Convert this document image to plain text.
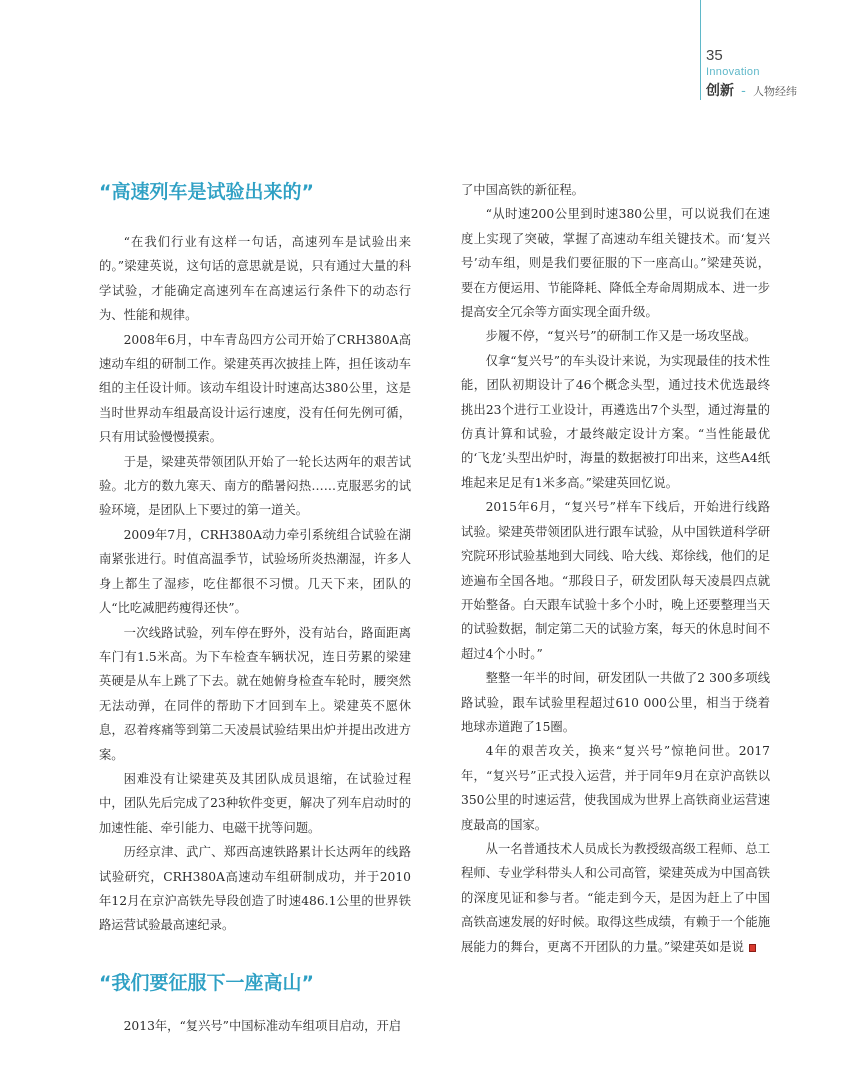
35
Innovation
创新 - 人物经纬
“高速列车是试验出来的”

“在我们行业有这样一句话，高速列车是试验出来的。”梁建英说，这句话的意思就是说，只有通过大量的科学试验，才能确定高速列车在高速运行条件下的动态行为、性能和规律。

2008年6月，中车青岛四方公司开始了CRH380A高速动车组的研制工作。梁建英再次披挂上阵，担任该动车组的主任设计师。该动车组设计时速高达380公里，这是当时世界动车组最高设计运行速度，没有任何先例可循，只有用试验慢慢摸索。

于是，梁建英带领团队开始了一轮长达两年的艰苦试验。北方的数九寒天、南方的酷暑闷热……克服恶劣的试验环境，是团队上下要过的第一道关。

2009年7月，CRH380A动力牵引系统组合试验在湖南紧张进行。时值高温季节，试验场所炎热潮湿，许多人身上都生了湿疹，吃住都很不习惯。几天下来，团队的人“比吃减肥药瘦得还快”。

一次线路试验，列车停在野外，没有站台，路面距离车门有1.5米高。为下车检查车辆状况，连日劳累的梁建英硬是从车上跳了下去。就在她俯身检查车轮时，腰突然无法动弹，在同伴的帮助下才回到车上。梁建英不愿休息，忍着疼痛等到第二天凌晨试验结果出炉并提出改进方案。

困难没有让梁建英及其团队成员退缩，在试验过程中，团队先后完成了23种软件变更，解决了列车启动时的加速性能、牵引能力、电磁干扰等问题。

历经京津、武广、郑西高速铁路累计长达两年的线路试验研究，CRH380A高速动车组研制成功，并于2010年12月在京沪高铁先导段创造了时速486.1公里的世界铁路运营试验最高速纪录。

“我们要征服下一座高山”

2013年，“复兴号”中国标准动车组项目启动，开启

了中国高铁的新征程。

“从时速200公里到时速380公里，可以说我们在速度上实现了突破，掌握了高速动车组关键技术。而‘复兴号’动车组，则是我们要征服的下一座高山。”梁建英说，要在方便运用、节能降耗、降低全寿命周期成本、进一步提高安全冗余等方面实现全面升级。

步履不停，“复兴号”的研制工作又是一场攻坚战。

仅拿“复兴号”的车头设计来说，为实现最佳的技术性能，团队初期设计了46个概念头型，通过技术优选最终挑出23个进行工业设计，再遴选出7个头型，通过海量的仿真计算和试验，才最终敲定设计方案。“当性能最优的‘飞龙’头型出炉时，海量的数据被打印出来，这些A4纸堆起来足足有1米多高。”梁建英回忆说。

2015年6月，“复兴号”样车下线后，开始进行线路试验。梁建英带领团队进行跟车试验，从中国铁道科学研究院环形试验基地到大同线、哈大线、郑徐线，他们的足迹遍布全国各地。“那段日子，研发团队每天凌晨四点就开始整备。白天跟车试验十多个小时，晚上还要整理当天的试验数据，制定第二天的试验方案，每天的休息时间不超过4个小时。”

整整一年半的时间，研发团队一共做了2 300多项线路试验，跟车试验里程超过610 000公里，相当于绕着地球赤道跑了15圈。

4年的艰苦攻关，换来“复兴号”惊艳问世。2017年，“复兴号”正式投入运营，并于同年9月在京沪高铁以350公里的时速运营，使我国成为世界上高铁商业运营速度最高的国家。

从一名普通技术人员成长为教授级高级工程师、总工程师、专业学科带头人和公司高管，梁建英成为中国高铁的深度见证和参与者。“能走到今天，是因为赶上了中国高铁高速发展的好时候。取得这些成绩，有赖于一个能施展能力的舞台，更离不开团队的力量。”梁建英如是说
